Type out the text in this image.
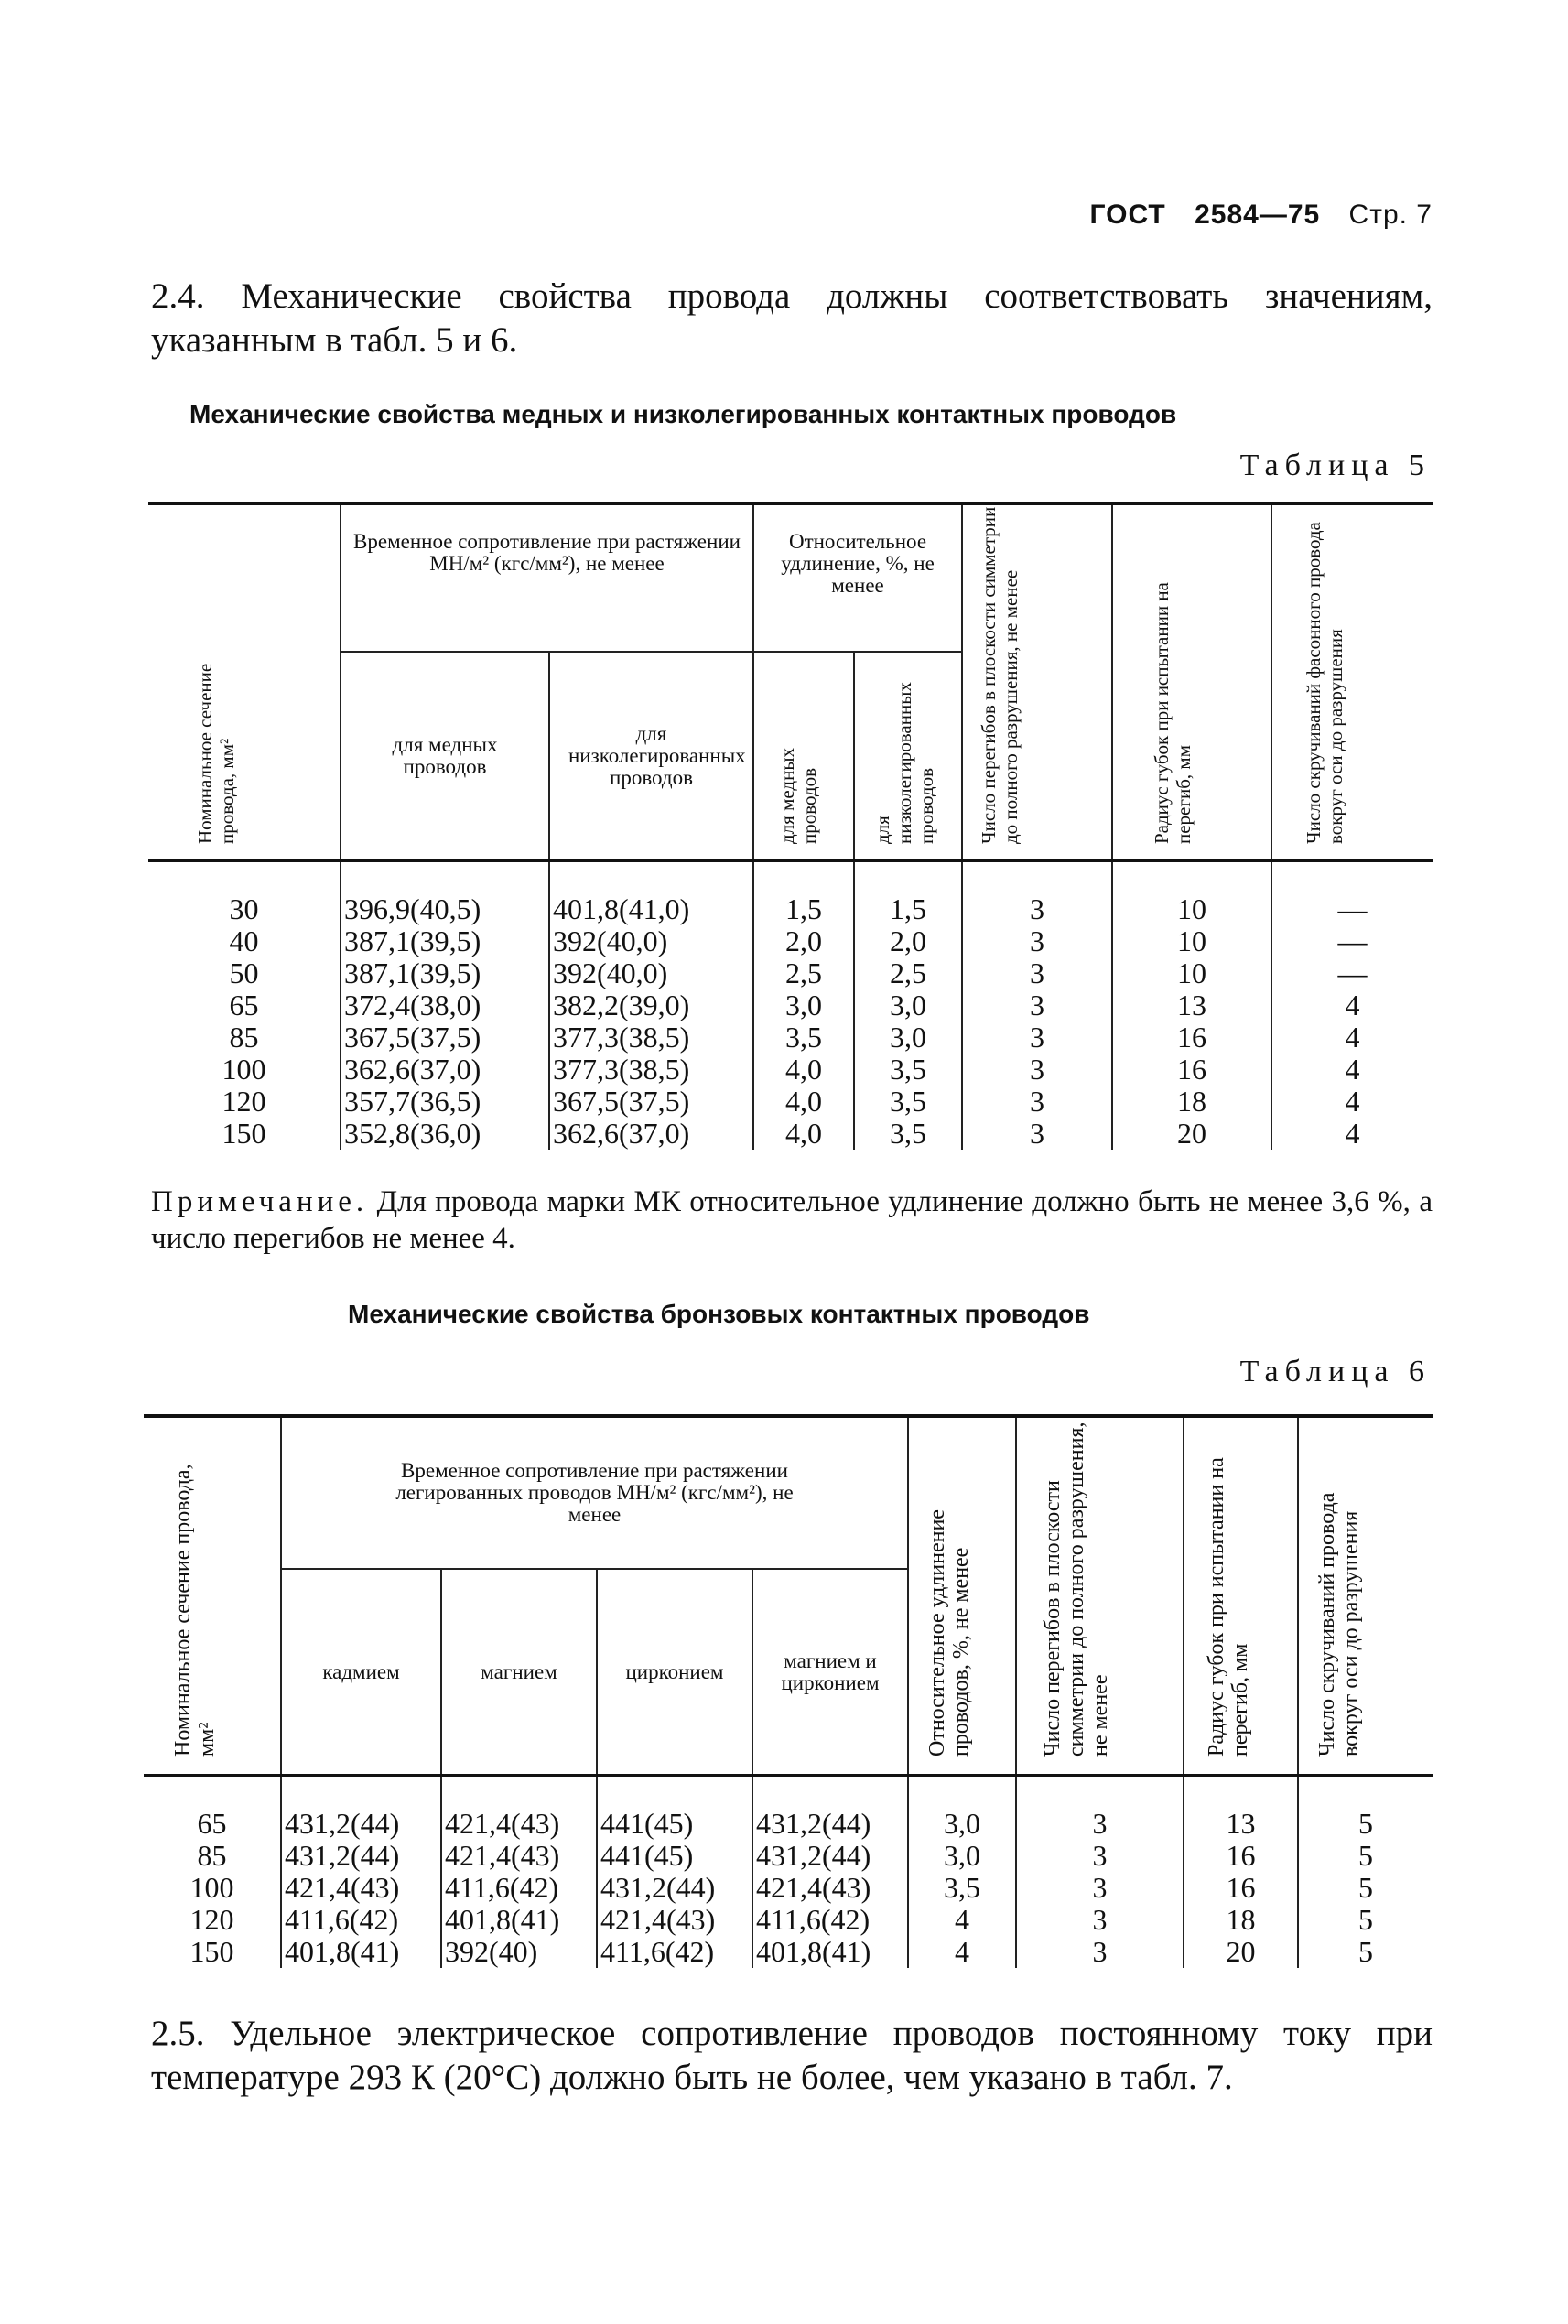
ГОСТ 2584—75 Стр. 7
2.4. Механические свойства провода должны соответствовать значениям, указанным в табл. 5 и 6.
Механические свойства медных и низколегированных контактных проводов
Таблица 5
Номинальное сечение провода, мм²	Временное сопротивление при растяжении МН/м² (кгс/мм²), не менее		Относительное удлинение, %, не менее		Число перегибов в плоскости симметрии до полного разрушения, не менее	Радиус губок при испытании на перегиб, мм	Число скручиваний фасонного провода вокруг оси до разрушения
	для медных проводов	для низколегированных проводов	для медных проводов	для низколегированных проводов			
30	396,9(40,5)	401,8(41,0)	1,5	1,5	3	10	—
40	387,1(39,5)	392(40,0)	2,0	2,0	3	10	—
50	387,1(39,5)	392(40,0)	2,5	2,5	3	10	—
65	372,4(38,0)	382,2(39,0)	3,0	3,0	3	13	4
85	367,5(37,5)	377,3(38,5)	3,5	3,0	3	16	4
100	362,6(37,0)	377,3(38,5)	4,0	3,5	3	16	4
120	357,7(36,5)	367,5(37,5)	4,0	3,5	3	18	4
150	352,8(36,0)	362,6(37,0)	4,0	3,5	3	20	4
Примечание. Для провода марки МК относительное удлинение должно быть не менее 3,6 %, а число перегибов не менее 4.
Механические свойства бронзовых контактных проводов
Таблица 6
Номинальное сечение провода, мм²	Временное сопротивление при растяжении легированных проводов МН/м² (кгс/мм²), не менее				Относительное удлинение проводов, %, не менее	Число перегибов в плоскости симметрии до полного разрушения, не менее	Радиус губок при испытании на перегиб, мм	Число скручиваний провода вокруг оси до разрушения
	кадмием	магнием	цирконием	магнием и цирконием				
65	431,2(44)	421,4(43)	441(45)	431,2(44)	3,0	3	13	5
85	431,2(44)	421,4(43)	441(45)	431,2(44)	3,0	3	16	5
100	421,4(43)	411,6(42)	431,2(44)	421,4(43)	3,5	3	16	5
120	411,6(42)	401,8(41)	421,4(43)	411,6(42)	4	3	18	5
150	401,8(41)	392(40)	411,6(42)	401,8(41)	4	3	20	5
2.5. Удельное электрическое сопротивление проводов постоянному току при температуре 293 К (20°С) должно быть не более, чем указано в табл. 7.
